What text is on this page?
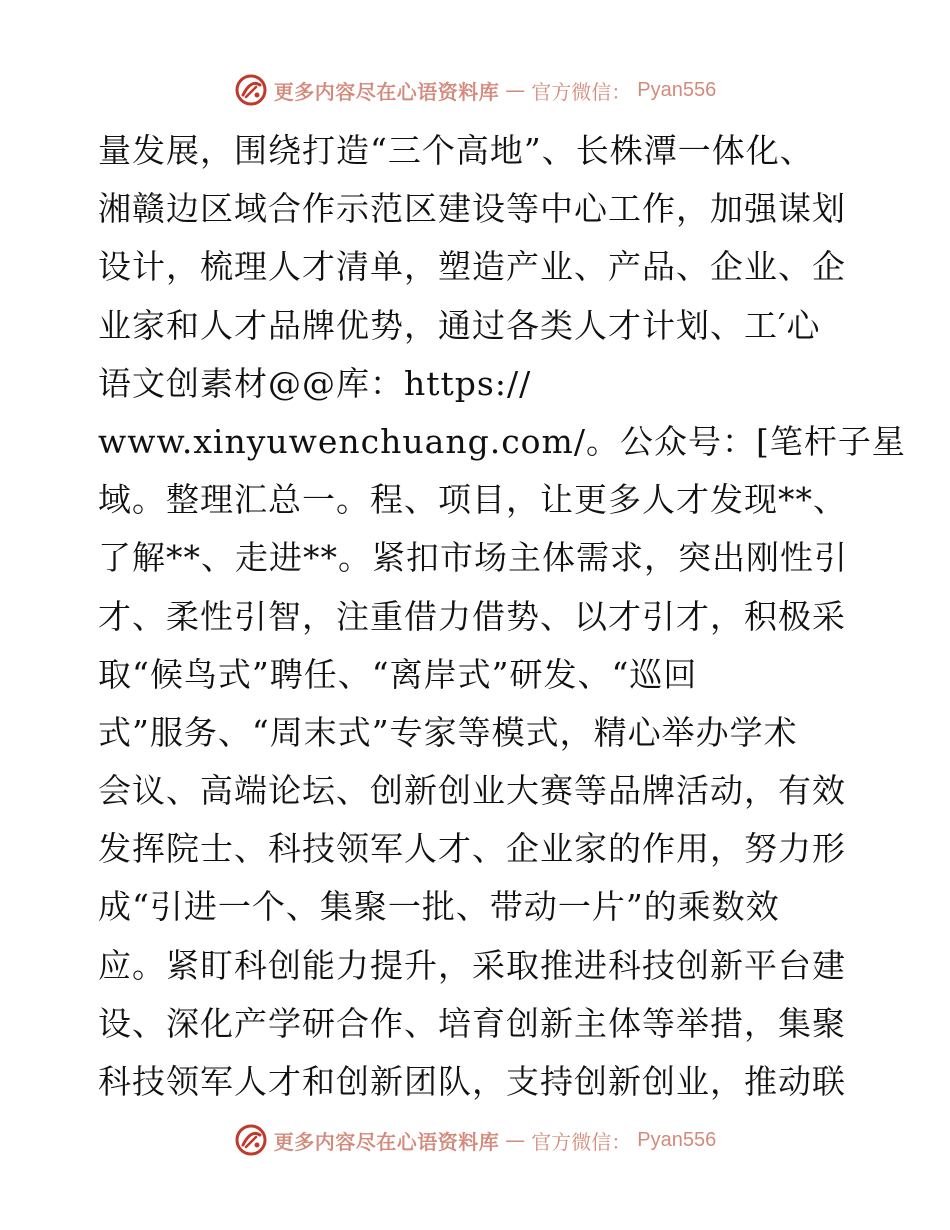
更多内容尽在心语资料库 — 官方微信： Pyan556
量发展，围绕打造“三个高地”、长株潭一体化、
湘赣边区域合作示范区建设等中心工作，加强谋划
设计，梳理人才清单，塑造产业、产品、企业、企
业家和人才品牌优势，通过各类人才计划、工′心
语文创素材@@库：https://
www.xinyuwenchuang.com/。公众号：[笔杆子星
域。整理汇总一。程、项目，让更多人才发现**、
了解**、走进**。紧扣市场主体需求，突出刚性引
才、柔性引智，注重借力借势、以才引才，积极采
取“候鸟式”聘任、“离岸式”研发、“巡回
式”服务、“周末式”专家等模式，精心举办学术
会议、高端论坛、创新创业大赛等品牌活动，有效
发挥院士、科技领军人才、企业家的作用，努力形
成“引进一个、集聚一批、带动一片”的乘数效
应。紧盯科创能力提升，采取推进科技创新平台建
设、深化产学研合作、培育创新主体等举措，集聚
科技领军人才和创新团队，支持创新创业，推动联
更多内容尽在心语资料库 — 官方微信： Pyan556
